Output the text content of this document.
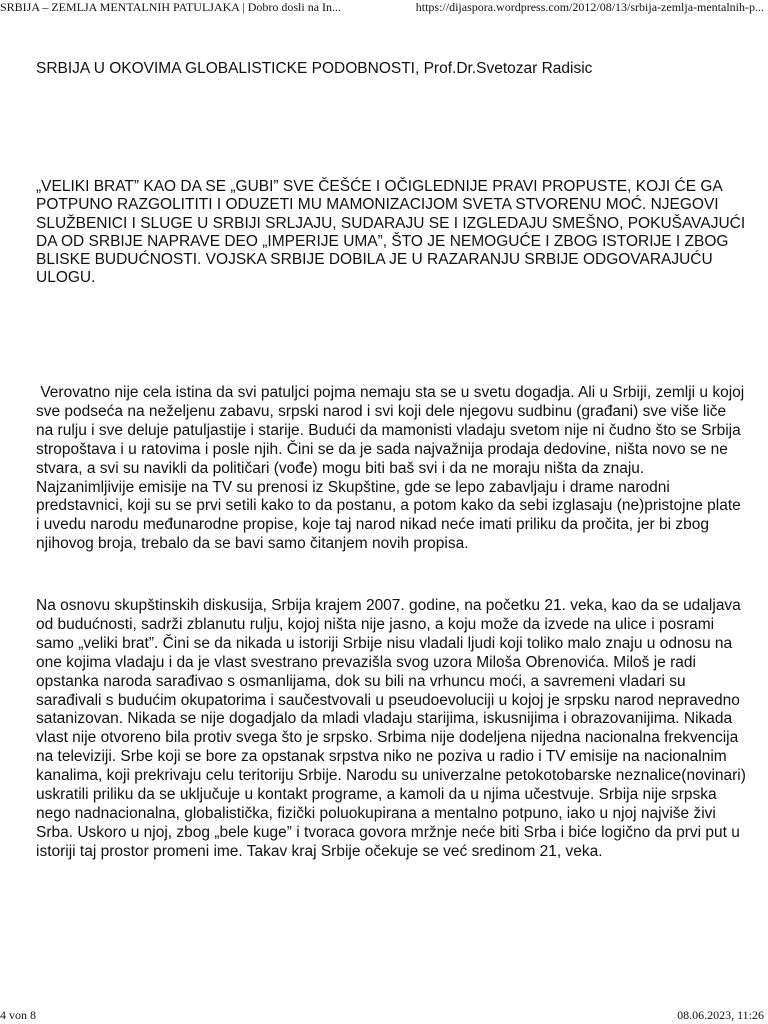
SRBIJA – ZEMLJA MENTALNIH PATULJAKA | Dobro dosli na In...	https://dijaspora.wordpress.com/2012/08/13/srbija-zemlja-mentalnih-p...
SRBIJA U OKOVIMA GLOBALISTICKE PODOBNOSTI, Prof.Dr.Svetozar Radisic

„VELIKI BRAT” KAO DA SE „GUBI” SVE ČEŠĆE I OČIGLEDNIJE PRAVI PROPUSTE, KOJI ĆE GA POTPUNO RAZGOLITITI I ODUZETI MU MAMONIZACIJOM SVETA STVORENU MOĆ. NJEGOVI SLUŽBENICI I SLUGE U SRBIJI SRLJAJU, SUDARAJU SE I IZGLEDAJU SMEŠNO, POKUŠAVAJUĆI DA OD SRBIJE NAPRAVE DEO „IMPERIJE UMA”, ŠTO JE NEMOGUĆE I ZBOG ISTORIJE I ZBOG BLISKE BUDUĆNOSTI. VOJSKA SRBIJE DOBILA JE U RAZARANJU SRBIJE ODGOVARAJUĆU ULOGU.

Verovatno nije cela istina da svi patuljci pojma nemaju sta se u svetu dogadja. Ali u Srbiji, zemlji u kojoj sve podseća na neželjenu zabavu, srpski narod i svi koji dele njegovu sudbinu (građani) sve više liče na rulju i sve deluje patuljastije i starije. Budući da mamonisti vladaju svetom nije ni čudno što se Srbija stropoštava i u ratovima i posle njih. Čini se da je sada najvažnija prodaja dedovine, ništa novo se ne stvara, a svi su navikli da političari (vođe) mogu biti baš svi i da ne moraju ništa da znaju. Najzanimljivije emisije na TV su prenosi iz Skupštine, gde se lepo zabavljaju i drame narodni predstavnici, koji su se prvi setili kako to da postanu, a potom kako da sebi izglasaju (ne)pristojne plate i uvedu narodu međunarodne propise, koje taj narod nikad neće imati priliku da pročita, jer bi zbog njihovog broja, trebalo da se bavi samo čitanjem novih propisa.

Na osnovu skupštinskih diskusija, Srbija krajem 2007. godine, na početku 21. veka, kao da se udaljava od budućnosti, sadrži zblanutu rulju, kojoj ništa nije jasno, a koju može da izvede na ulice i posrami samo „veliki brat”. Čini se da nikada u istoriji Srbije nisu vladali ljudi koji toliko malo znaju u odnosu na one kojima vladaju i da je vlast svestrano prevazišla svog uzora Miloša Obrenovića. Miloš je radi opstanka naroda sarađivao s osmanlijama, dok su bili na vrhuncu moći, a savremeni vladari su sarađivali s budućim okupatorima i saučestvovali u pseudoevoluciji u kojoj je srpsku narod nepravedno satanizovan. Nikada se nije dogadjalo da mladi vladaju starijima, iskusnijima i obrazovanijima. Nikada vlast nije otvoreno bila protiv svega što je srpsko. Srbima nije dodeljena nijedna nacionalna frekvencija na televiziji. Srbe koji se bore za opstanak srpstva niko ne poziva u radio i TV emisije na nacionalnim kanalima, koji prekrivaju celu teritoriju Srbije. Narodu su univerzalne petokotobarske neznalice(novinari) uskratili priliku da se uključuje u kontakt programe, a kamoli da u njima učestvuje. Srbija nije srpska nego nadnacionalna, globalistička, fizički poluokupirana a mentalno potpuno, iako u njoj najviše živi Srba. Uskoro u njoj, zbog „bele kuge” i tvoraca govora mržnje neće biti Srba i biće logično da prvi put u istoriji taj prostor promeni ime. Takav kraj Srbije očekuje se već sredinom 21, veka.

4 von 8	08.06.2023, 11:26
